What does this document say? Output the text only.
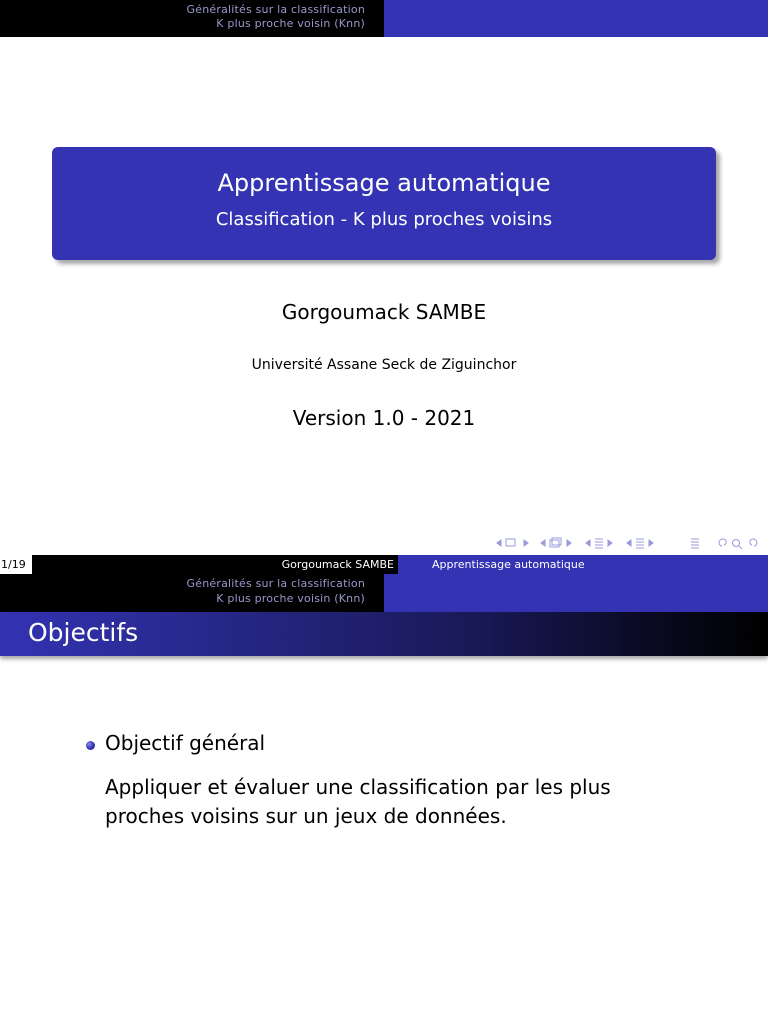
Généralités sur la classification
K plus proche voisin (Knn)
Apprentissage automatique
Classification - K plus proches voisins
Gorgoumack SAMBE
Université Assane Seck de Ziguinchor
Version 1.0 - 2021
1/19	Gorgoumack SAMBE	Apprentissage automatique
Généralités sur la classification
K plus proche voisin (Knn)
Objectifs
Objectif général
Appliquer et évaluer une classification par les plus proches voisins sur un jeux de données.
